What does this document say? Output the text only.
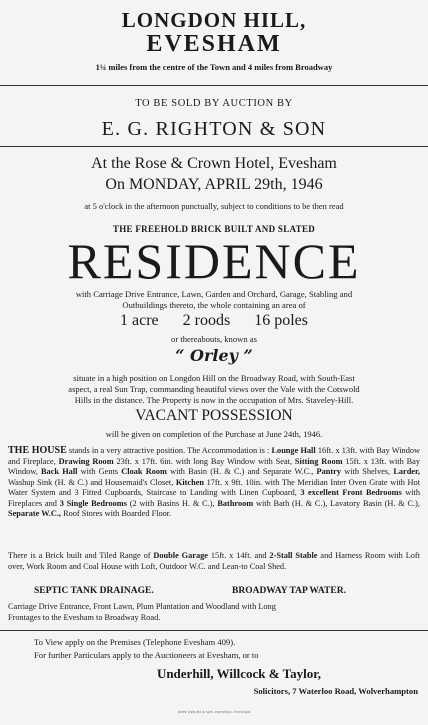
LONGDON HILL,
EVESHAM
1¼ miles from the centre of the Town and 4 miles from Broadway
TO BE SOLD BY AUCTION BY
E. G. RIGHTON & SON
At the Rose & Crown Hotel, Evesham
On MONDAY, APRIL 29th, 1946
at 5 o'clock in the afternoon punctually, subject to conditions to be then read
THE FREEHOLD BRICK BUILT AND SLATED
RESIDENCE
with Carriage Drive Entrance, Lawn, Garden and Orchard, Garage, Stabling and
Outbuildings thereto, the whole containing an area of
1 acre 2 roods 16 poles
or thereabouts, known as
“ Orley ”
situate in a high position on Longdon Hill on the Broadway Road, with South-East
aspect, a real Sun Trap, commanding beautiful views over the Vale with the Cotswold
Hills in the distance. The Property is now in the occupation of Mrs. Staveley-Hill.
VACANT POSSESSION
will be given on completion of the Purchase at June 24th, 1946.
THE HOUSE stands in a very attractive position. The Accommodation is : Lounge Hall 16ft. x 13ft. with Bay Window and Fireplace, Drawing Room 23ft. x 17ft. 6in. with long Bay Window with Seat, Sitting Room 15ft. x 13ft. with Bay Window, Back Hall with Gents Cloak Room with Basin (H. & C.) and Separate W.C., Pantry with Shelves, Larder, Washup Sink (H. & C.) and Housemaid's Closet, Kitchen 17ft. x 9ft. 10in. with The Meridian Inter Oven Grate with Hot Water System and 3 Fitted Cupboards, Staircase to Landing with Linen Cupboard, 3 excellent Front Bedrooms with Fireplaces and 3 Single Bedrooms (2 with Basins H. & C.), Bathroom with Bath (H. & C.), Lavatory Basin (H. & C.), Separate W.C., Roof Stores with Boarded Floor.
There is a Brick built and Tiled Range of Double Garage 15ft. x 14ft. and 2-Stall Stable and Harness Room with Loft over, Work Room and Coal House with Loft, Outdoor W.C. and Lean-to Coal Shed.
SEPTIC TANK DRAINAGE.	BROADWAY TAP WATER.
Carriage Drive Entrance, Front Lawn, Plum Plantation and Woodland with Long
Frontages to the Evesham to Broadway Road.
To View apply on the Premises (Telephone Evesham 409).
For further Particulars apply to the Auctioneers at Evesham, or to
Underhill, Willcock & Taylor,
Solicitors, 7 Waterloo Road, Wolverhampton
JOHN WRIGHT & SON, PRINTERS, EVESHAM
